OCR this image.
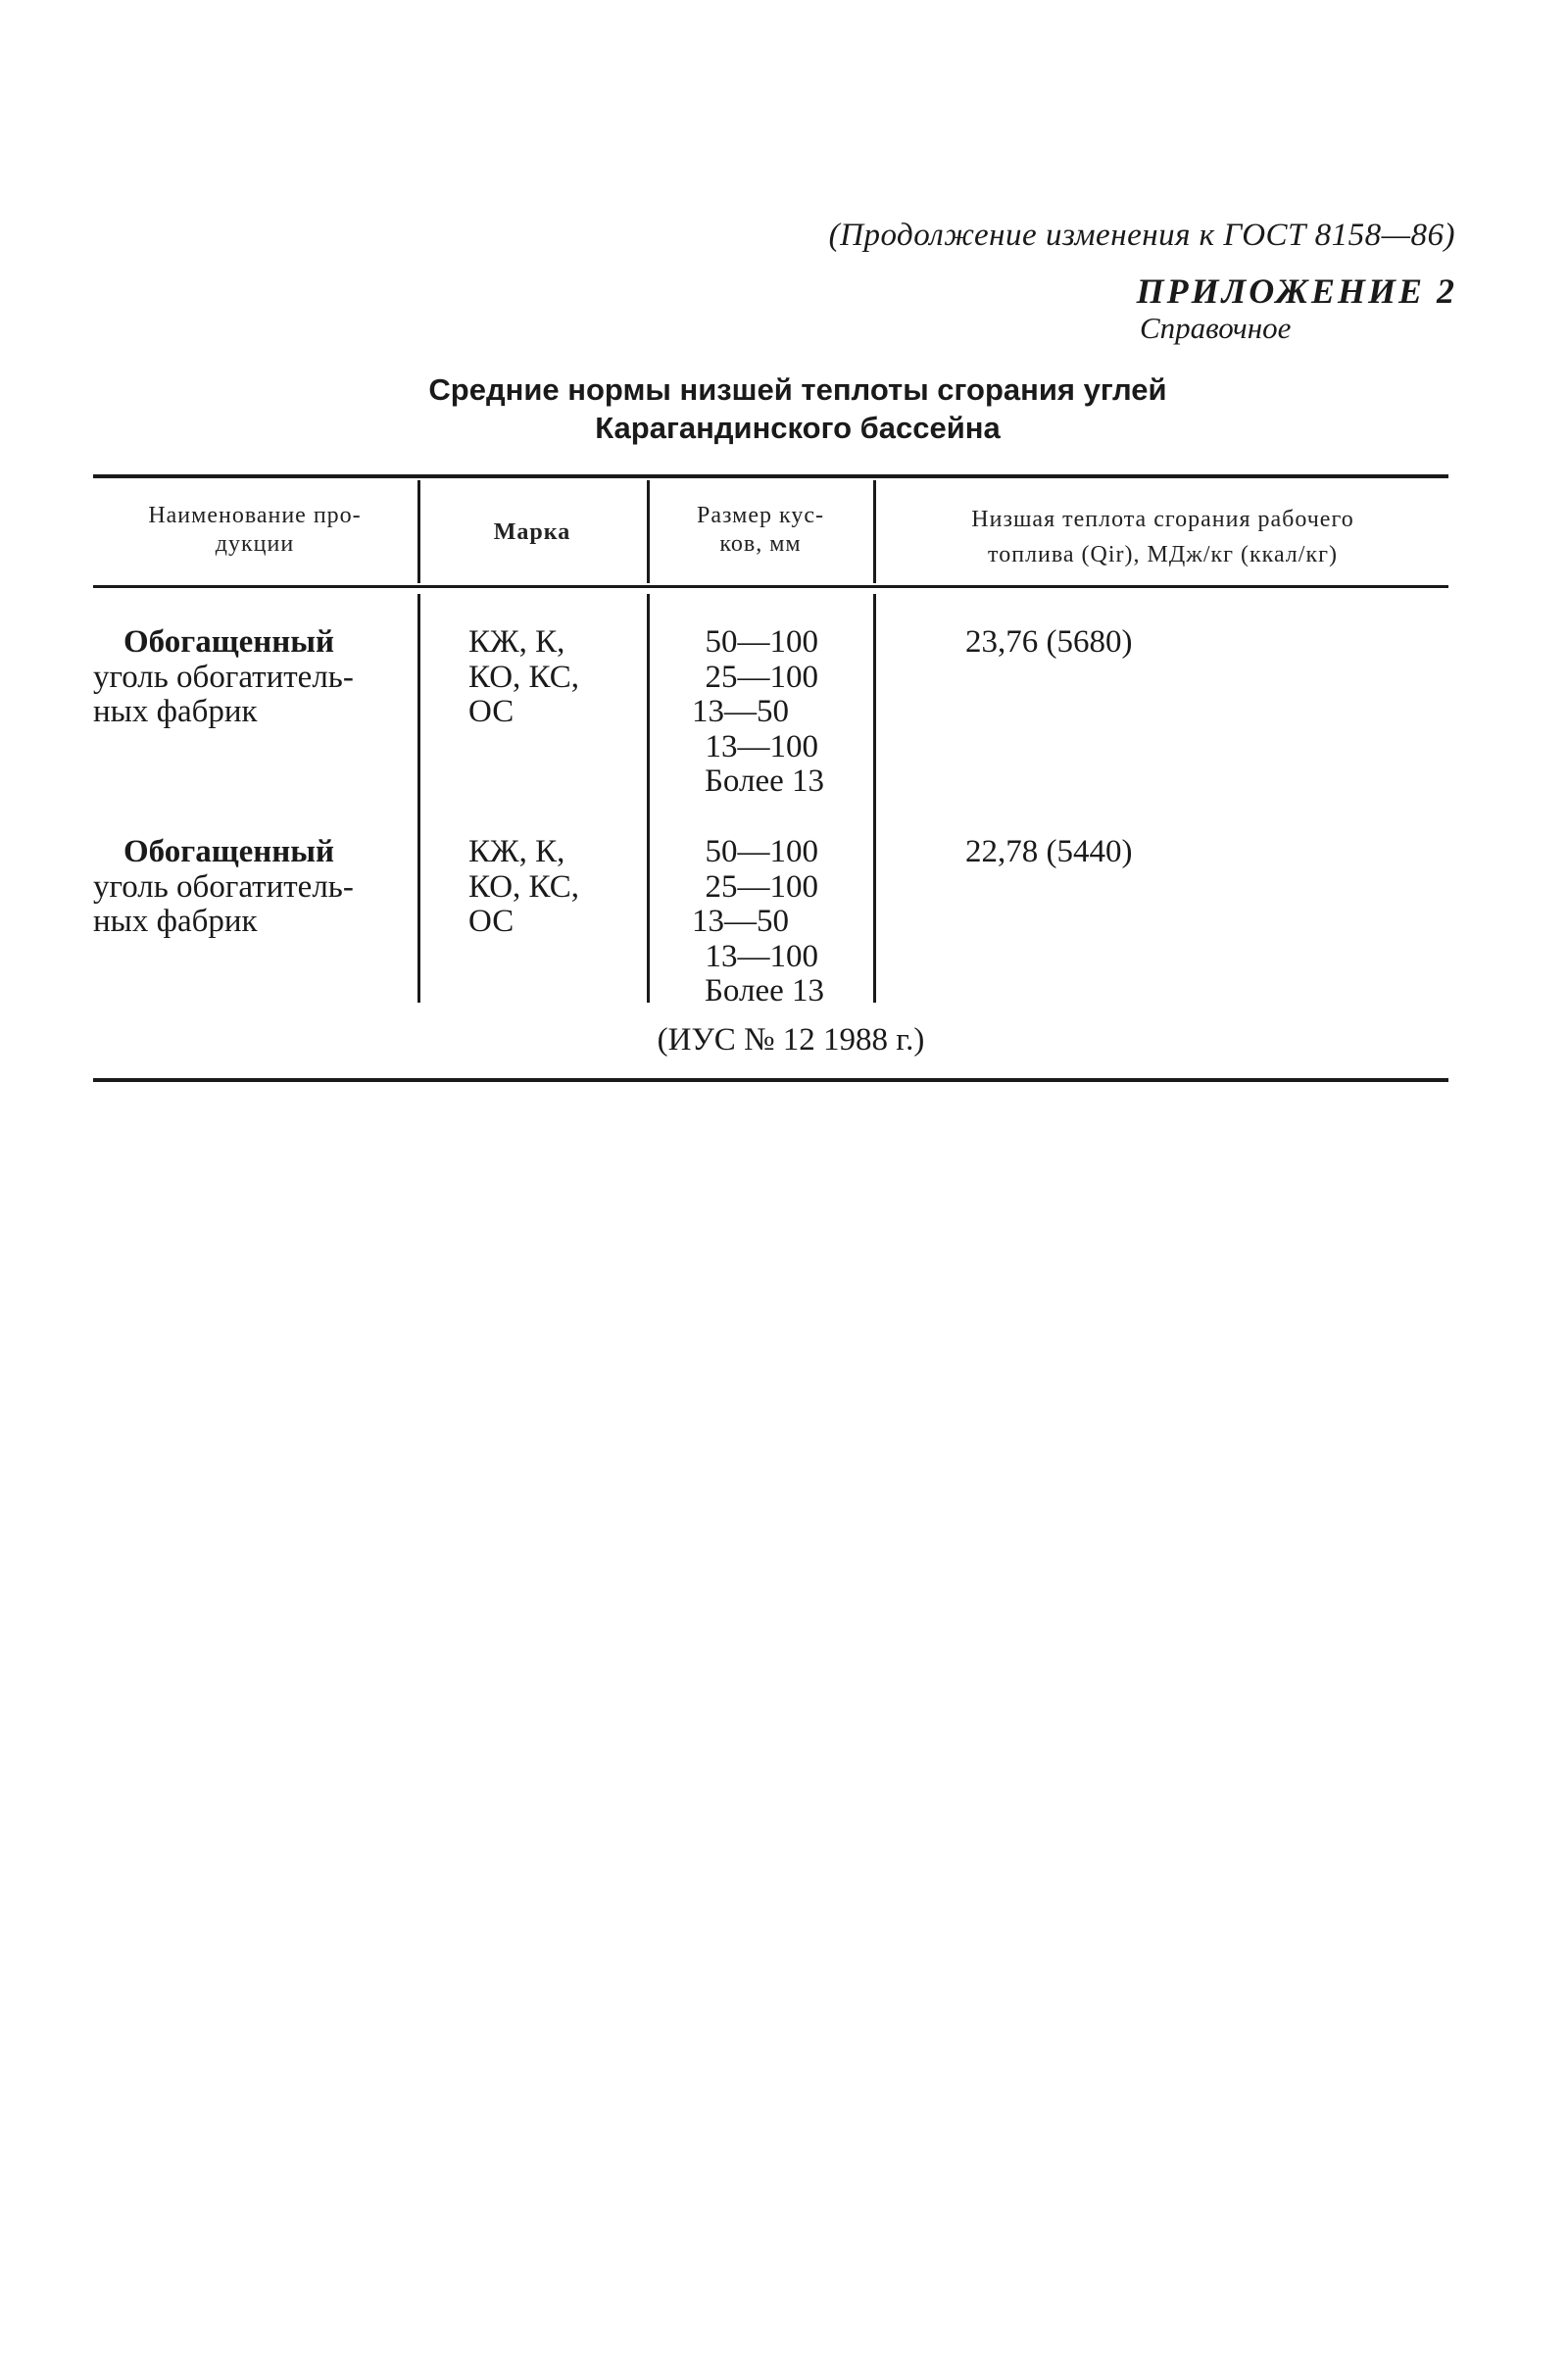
(Продолжение изменения к ГОСТ 8158—86)
ПРИЛОЖЕНИЕ 2
Справочное
Средние нормы низшей теплоты сгорания углей
Карагандинского бассейна
Наименование про-
дукции	Марка
Размер кус-
ков, мм
Низшая теплота сгорания рабочего
топлива (Qir), МДж/кг (ккал/кг)
Обогащенный
уголь обогатитель-
ных фабрик
КЖ, К,
КО, КС,
ОС
50—100
25—100
13—50
13—100
Более 13
23,76 (5680)
Обогащенный
уголь обогатитель-
ных фабрик
КЖ, К,
КО, КС,
ОС
50—100
25—100
13—50
13—100
Более 13
22,78 (5440)
(ИУС № 12 1988 г.)
